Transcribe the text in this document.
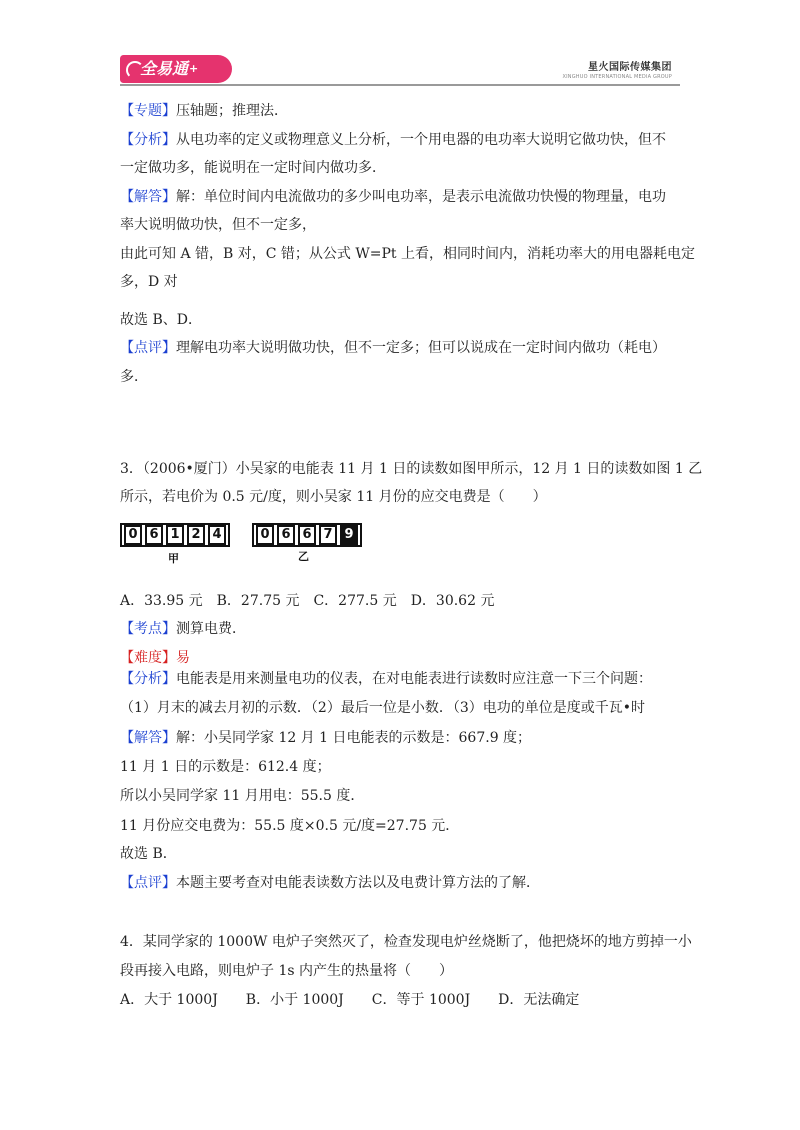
全易通+	星火国际传媒集团
XINGHUO INTERNATIONAL MEDIA GROUP
【专题】压轴题；推理法．
【分析】从电功率的定义或物理意义上分析，一个用电器的电功率大说明它做功快，但不
一定做功多，能说明在一定时间内做功多．
【解答】解：单位时间内电流做功的多少叫电功率，是表示电流做功快慢的物理量，电功
率大说明做功快，但不一定多，
由此可知 A 错，B 对，C 错；从公式 W=Pt 上看，相同时间内，消耗功率大的用电器耗电定
多，D 对
故选 B、D．
【点评】理解电功率大说明做功快，但不一定多；但可以说成在一定时间内做功（耗电）
多．
3．（2006•厦门）小吴家的电能表 11 月 1 日的读数如图甲所示，12 月 1 日的读数如图 1 乙
所示，若电价为 0.5 元/度，则小吴家 11 月份的应交电费是（　　）
0 6 1 2 4
甲
0 6 6 7 9
乙
A．33.95 元　B．27.75 元　C．277.5 元　D．30.62 元
【考点】测算电费．
【难度】易
【分析】电能表是用来测量电功的仪表，在对电能表进行读数时应注意一下三个问题：
（1）月末的减去月初的示数．（2）最后一位是小数．（3）电功的单位是度或千瓦•时
【解答】解：小吴同学家 12 月 1 日电能表的示数是：667.9 度；
11 月 1 日的示数是：612.4 度；
所以小吴同学家 11 月用电：55.5 度．
11 月份应交电费为：55.5 度×0.5 元/度=27.75 元．
故选 B．
【点评】本题主要考查对电能表读数方法以及电费计算方法的了解．
4．某同学家的 1000W 电炉子突然灭了，检查发现电炉丝烧断了，他把烧坏的地方剪掉一小
段再接入电路，则电炉子 1s 内产生的热量将（　　）
A．大于 1000J　　B．小于 1000J　　C．等于 1000J　　D．无法确定
